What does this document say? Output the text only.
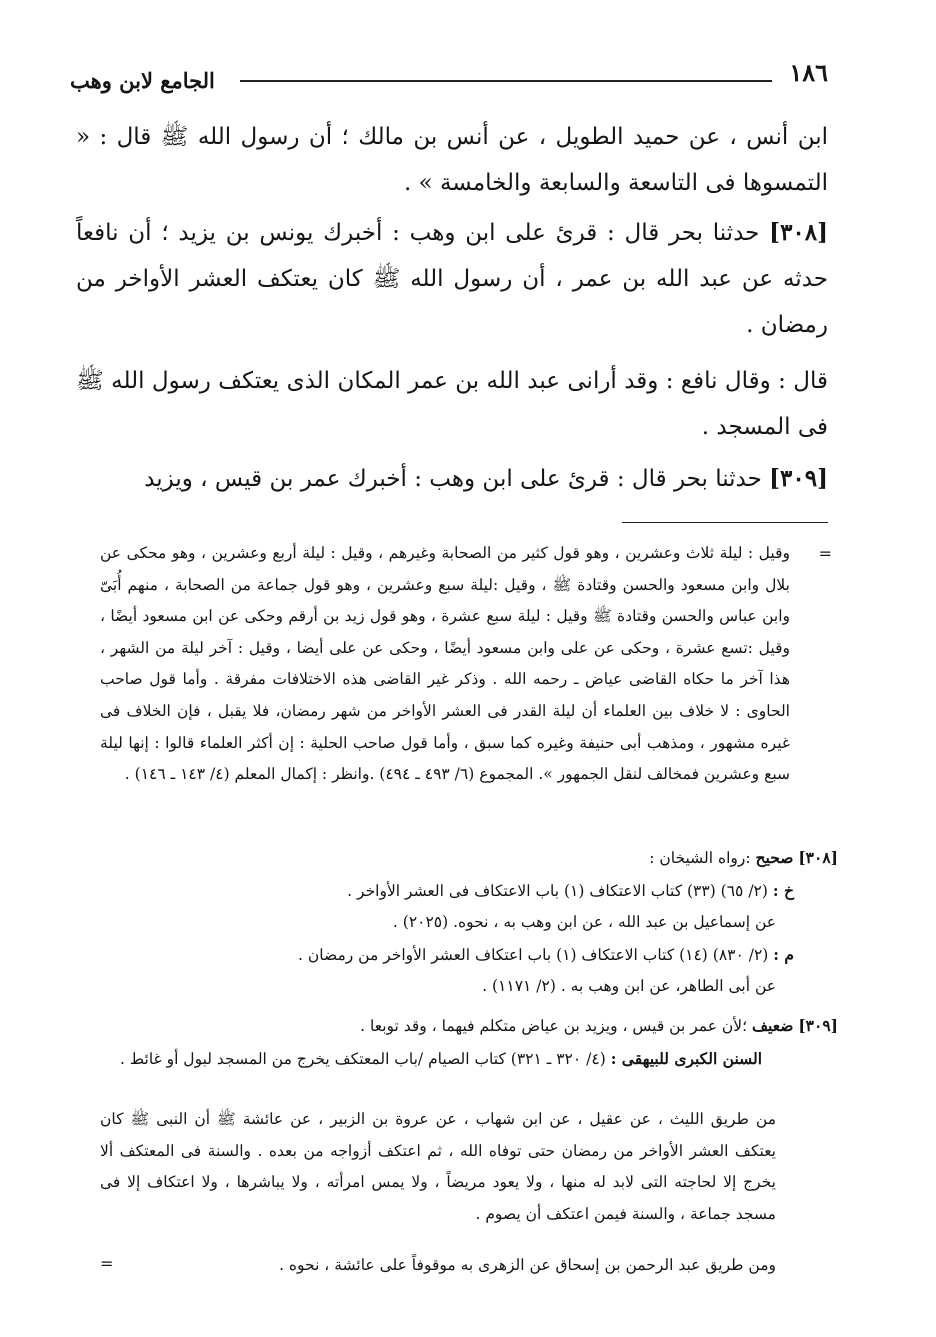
١٨٦
الجامع لابن وهب

ابن أنس ، عن حميد الطويل ، عن أنس بن مالك ؛ أن رسول الله ﷺ قال : « التمسوها فى التاسعة والسابعة والخامسة » .

[٣٠٨] حدثنا بحر قال : قرئ على ابن وهب : أخبرك يونس بن يزيد ؛ أن نافعاً حدثه عن عبد الله بن عمر ، أن رسول الله ﷺ كان يعتكف العشر الأواخر من رمضان .

قال : وقال نافع : وقد أرانى عبد الله بن عمر المكان الذى يعتكف رسول الله ﷺ فى المسجد .

[٣٠٩] حدثنا بحر قال : قرئ على ابن وهب : أخبرك عمر بن قيس ، ويزيد

=
وقيل : ليلة ثلاث وعشرين ، وهو قول كثير من الصحابة وغيرهم ، وقيل : ليلة أربع وعشرين ، وهو محكى عن بلال وابن مسعود والحسن وقتادة ﷺ ، وقيل :ليلة سبع وعشرين ، وهو قول جماعة من الصحابة ، منهم أُبَىّ وابن عباس والحسن وقتادة ﷺ وقيل : ليلة سبع عشرة ، وهو قول زيد بن أرقم وحكى عن ابن مسعود أيضًا ، وقيل :تسع عشرة ، وحكى عن على وابن مسعود أيضًا ، وحكى عن على أيضا ، وقيل : آخر ليلة من الشهر ، هذا آخر ما حكاه القاضى عياض ـ رحمه الله . وذكر غير القاضى هذه الاختلافات مفرقة . وأما قول صاحب الحاوى : لا خلاف بين العلماء أن ليلة القدر فى العشر الأواخر من شهر رمضان، فلا يقبل ، فإن الخلاف فى غيره مشهور ، ومذهب أبى حنيفة وغيره كما سبق ، وأما قول صاحب الحلية : إن أكثر العلماء قالوا : إنها ليلة سبع وعشرين فمخالف لنقل الجمهور ». المجموع (٦/ ٤٩٣ ـ ٤٩٤) .وانظر : إكمال المعلم (٤/ ١٤٣ ـ ١٤٦) .

[٣٠٨] صحيح :رواه الشيخان :

خ : (٢/ ٦٥) (٣٣) كتاب الاعتكاف (١) باب الاعتكاف فى العشر الأواخر .

عن إسماعيل بن عبد الله ، عن ابن وهب به ، نحوه. (٢٠٢٥) .

م : (٢/ ٨٣٠) (١٤) كتاب الاعتكاف (١) باب اعتكاف العشر الأواخر من رمضان .

عن أبى الطاهر، عن ابن وهب به . (٢/ ١١٧١) .

[٣٠٩] ضعيف ؛لأن عمر بن قيس ، ويزيد بن عياض متكلم فيهما ، وقد توبعا .

السنن الكبرى للبيهقى : (٤/ ٣٢٠ ـ ٣٢١) كتاب الصيام /باب المعتكف يخرج من المسجد لبول أو غائط .

من طريق الليث ، عن عقيل ، عن ابن شهاب ، عن عروة بن الزبير ، عن عائشة ﷺ أن النبى ﷺ كان يعتكف العشر الأواخر من رمضان حتى توفاه الله ، ثم اعتكف أزواجه من بعده . والسنة فى المعتكف ألا يخرج إلا لحاجته التى لابد له منها ، ولا يعود مريضاً ، ولا يمس امرأته ، ولا يباشرها ، ولا اعتكاف إلا فى مسجد جماعة ، والسنة فيمن اعتكف أن يصوم .
ومن طريق عبد الرحمن بن إسحاق عن الزهرى به موقوفاً على عائشة ، نحوه .
=
